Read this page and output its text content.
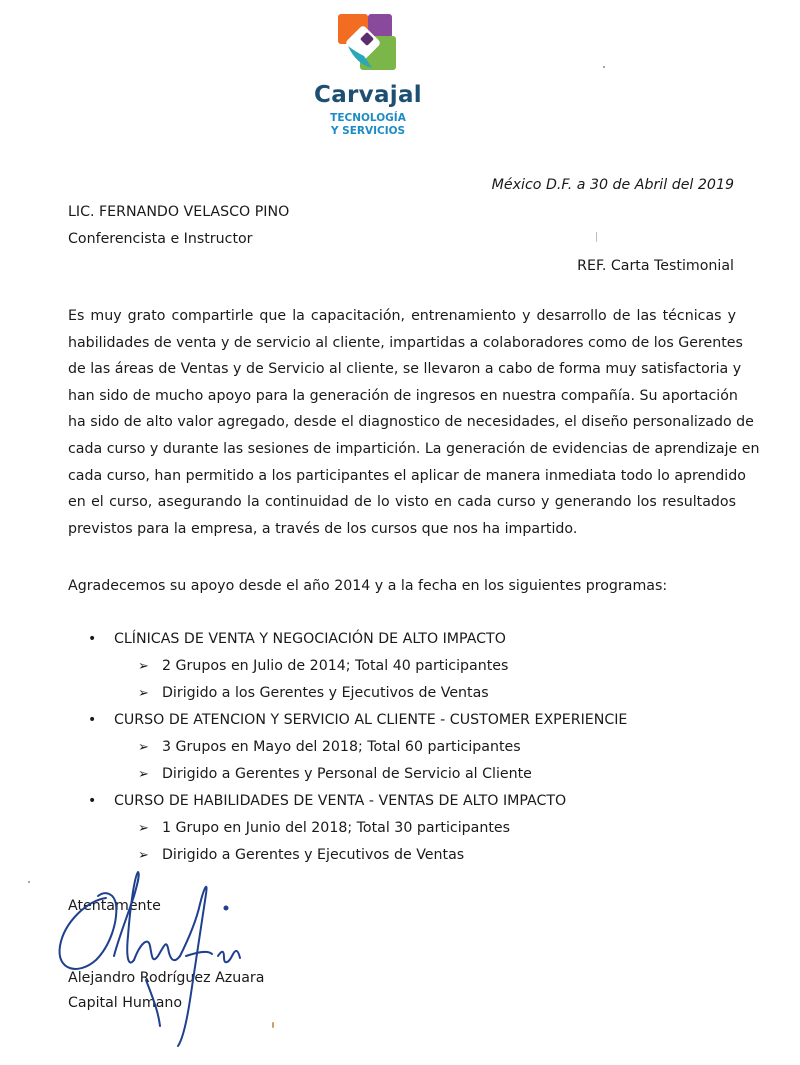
Carvajal
TECNOLOGÍA
Y SERVICIOS
México D.F. a 30 de Abril del 2019
LIC. FERNANDO VELASCO PINO
Conferencista e Instructor
REF. Carta Testimonial
Es muy grato compartirle que la capacitación, entrenamiento y desarrollo de las técnicas y
habilidades de venta y de servicio al cliente, impartidas a colaboradores como de los Gerentes
de las áreas de Ventas y de Servicio al cliente, se llevaron a cabo de forma muy satisfactoria y
han sido de mucho apoyo para la generación de ingresos en nuestra compañía. Su aportación
ha sido de alto valor agregado, desde el diagnostico de necesidades, el diseño personalizado de
cada curso y durante las sesiones de impartición. La generación de evidencias de aprendizaje en
cada curso, han permitido a los participantes el aplicar de manera inmediata todo lo aprendido
en el curso, asegurando la continuidad de lo visto en cada curso y generando los resultados
previstos para la empresa, a través de los cursos que nos ha impartido.
Agradecemos su apoyo desde el año 2014 y a la fecha en los siguientes programas:
• CLÍNICAS DE VENTA Y NEGOCIACIÓN DE ALTO IMPACTO
➢ 2 Grupos en Julio de 2014; Total 40 participantes
➢ Dirigido a los Gerentes y Ejecutivos de Ventas
• CURSO DE ATENCION Y SERVICIO AL CLIENTE - CUSTOMER EXPERIENCIE
➢ 3 Grupos en Mayo del 2018; Total 60 participantes
➢ Dirigido a Gerentes y Personal de Servicio al Cliente
• CURSO DE HABILIDADES DE VENTA - VENTAS DE ALTO IMPACTO
➢ 1 Grupo en Junio del 2018; Total 30 participantes
➢ Dirigido a Gerentes y Ejecutivos de Ventas
Atentamente
Alejandro Rodríguez Azuara
Capital Humano
